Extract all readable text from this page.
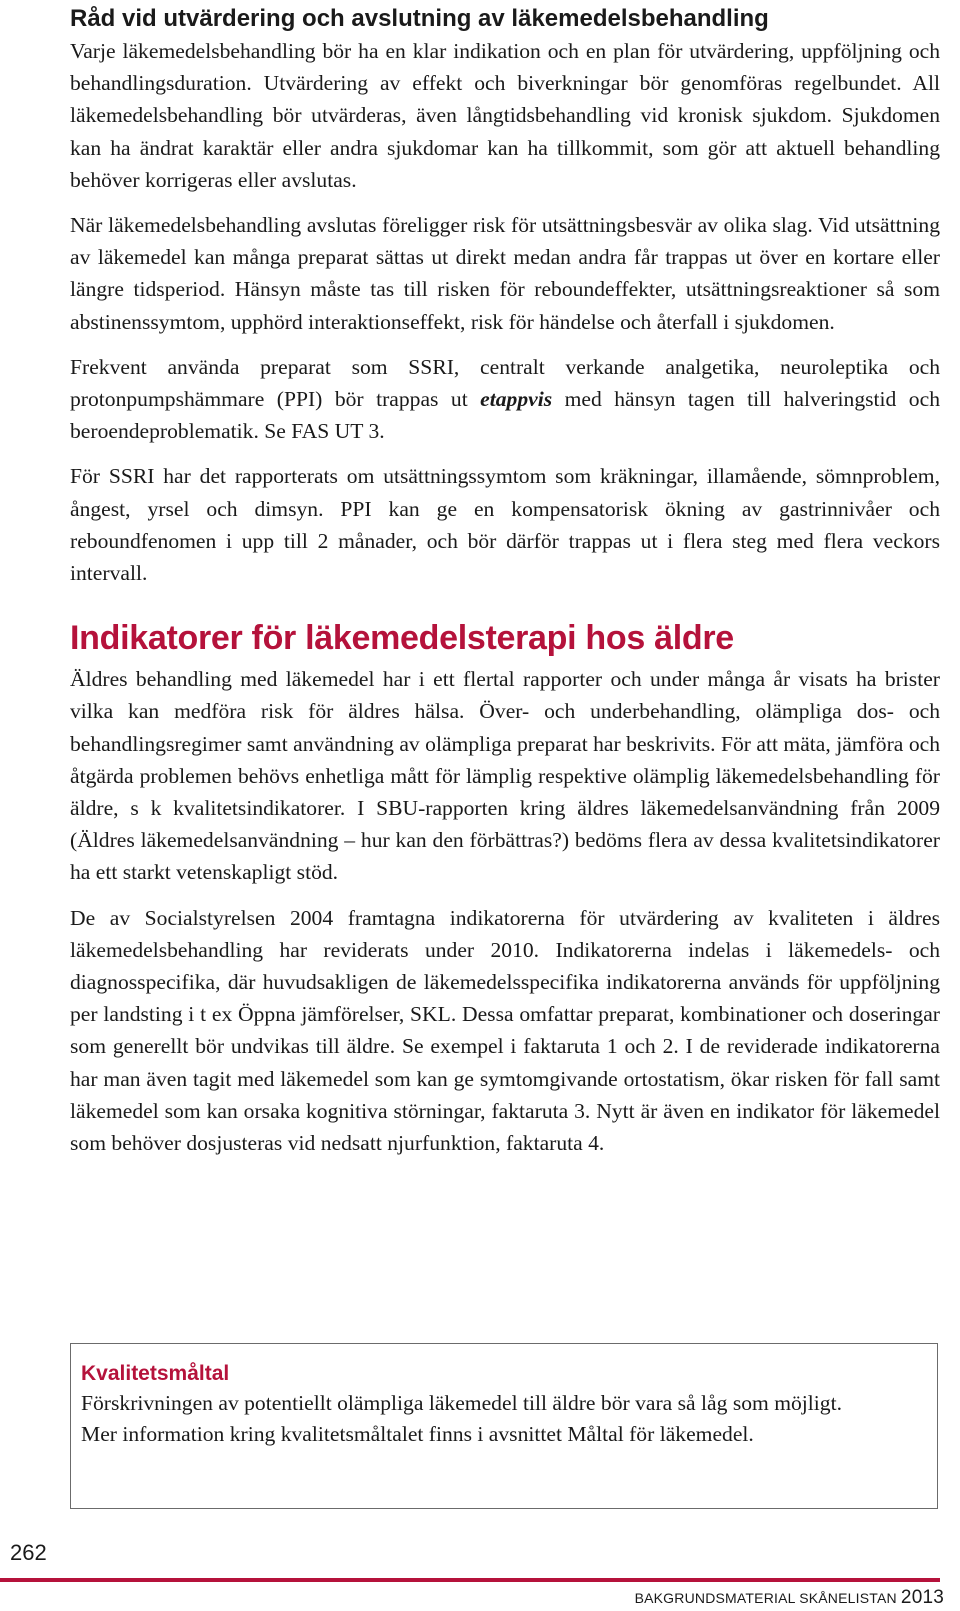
Råd vid utvärdering och avslutning av läkemedelsbehandling

Varje läkemedelsbehandling bör ha en klar indikation och en plan för utvärdering, uppföljning och behandlingsduration. Utvärdering av effekt och biverkningar bör genomföras regelbundet. All läkemedelsbehandling bör utvärderas, även långtidsbehandling vid kronisk sjukdom. Sjukdomen kan ha ändrat karaktär eller andra sjukdomar kan ha tillkommit, som gör att aktuell behandling behöver korrigeras eller avslutas.

När läkemedelsbehandling avslutas föreligger risk för utsättningsbesvär av olika slag. Vid utsättning av läkemedel kan många preparat sättas ut direkt medan andra får trappas ut över en kortare eller längre tidsperiod. Hänsyn måste tas till risken för reboundeffekter, utsättningsreaktioner så som abstinenssymtom, upphörd interaktionseffekt, risk för händelse och återfall i sjukdomen.

Frekvent använda preparat som SSRI, centralt verkande analgetika, neuroleptika och protonpumpshämmare (PPI) bör trappas ut etappvis med hänsyn tagen till halveringstid och beroendeproblematik. Se FAS UT 3.

För SSRI har det rapporterats om utsättningssymtom som kräkningar, illamående, sömnproblem, ångest, yrsel och dimsyn. PPI kan ge en kompensatorisk ökning av gastrinnivåer och reboundfenomen i upp till 2 månader, och bör därför trappas ut i flera steg med flera veckors intervall.

Indikatorer för läkemedelsterapi hos äldre

Äldres behandling med läkemedel har i ett flertal rapporter och under många år visats ha brister vilka kan medföra risk för äldres hälsa. Över- och underbehandling, olämpliga dos- och behandlingsregimer samt användning av olämpliga preparat har beskrivits. För att mäta, jämföra och åtgärda problemen behövs enhetliga mått för lämplig respektive olämplig läkemedelsbehandling för äldre, s k kvalitetsindikatorer. I SBU-rapporten kring äldres läkemedelsanvändning från 2009 (Äldres läkemedelsanvändning – hur kan den förbättras?) bedöms flera av dessa kvalitetsindikatorer ha ett starkt vetenskapligt stöd.

De av Socialstyrelsen 2004 framtagna indikatorerna för utvärdering av kvaliteten i äldres läkemedelsbehandling har reviderats under 2010. Indikatorerna indelas i läkemedels- och diagnosspecifika, där huvudsakligen de läkemedelsspecifika indikatorerna används för uppföljning per landsting i t ex Öppna jämförelser, SKL. Dessa omfattar preparat, kombinationer och doseringar som generellt bör undvikas till äldre. Se exempel i faktaruta 1 och 2. I de reviderade indikatorerna har man även tagit med läkemedel som kan ge symtomgivande ortostatism, ökar risken för fall samt läkemedel som kan orsaka kognitiva störningar, faktaruta 3. Nytt är även en indikator för läkemedel som behöver dosjusteras vid nedsatt njurfunktion, faktaruta 4.

Kvalitetsmåltal
Förskrivningen av potentiellt olämpliga läkemedel till äldre bör vara så låg som möjligt.
Mer information kring kvalitetsmåltalet finns i avsnittet Måltal för läkemedel.
262
BAKGRUNDSMATERIAL SKÅNELISTAN 2013
